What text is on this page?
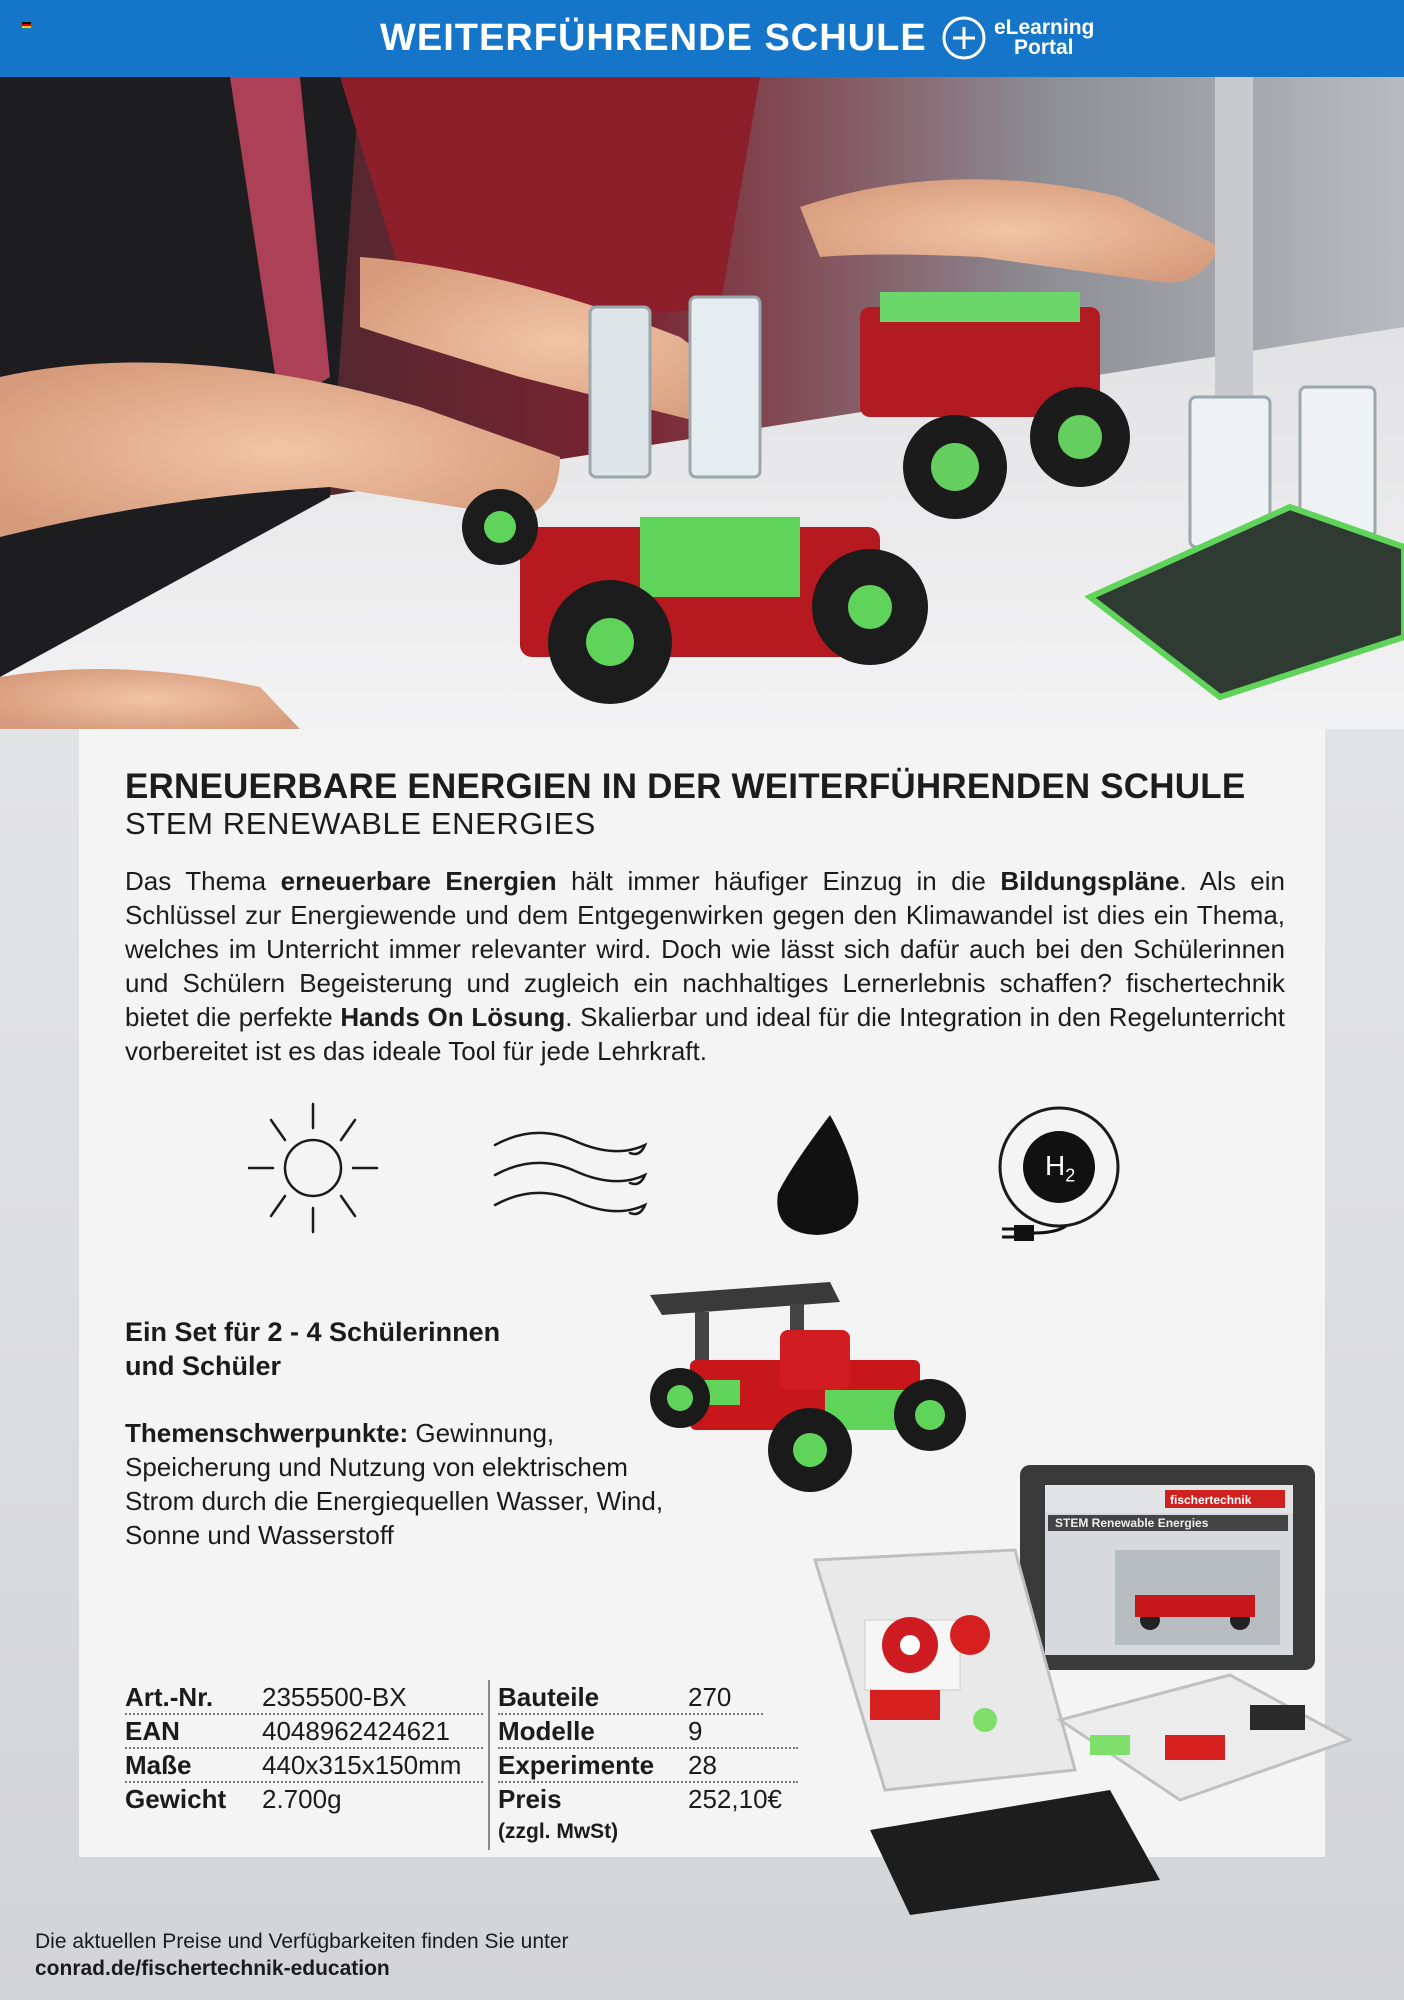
WEITERFÜHRENDE SCHULE	eLearning
Portal
ERNEUERBARE ENERGIEN IN DER WEITERFÜHRENDEN SCHULE
STEM RENEWABLE ENERGIES
Das Thema erneuerbare Energien hält immer häufiger Einzug in die Bildungspläne. Als ein Schlüssel zur Energiewende und dem Entgegenwirken gegen den Klimawandel ist dies ein Thema, welches im Unterricht immer relevanter wird. Doch wie lässt sich dafür auch bei den Schülerinnen und Schülern Begeisterung und zugleich ein nachhaltiges Lernerlebnis schaffen? fischertechnik bietet die perfekte Hands On Lösung. Skalierbar und ideal für die Integration in den Regelunterricht vorbereitet ist es das ideale Tool für jede Lehrkraft.
$H_2$
Ein Set für 2 - 4 Schülerinnen
und Schüler
Themenschwerpunkte: Gewinnung, Speicherung und Nutzung von elektrischem Strom durch die Energiequellen Wasser, Wind, Sonne und Wasserstoff
fischertechnik
STEM Renewable Energies
Art.-Nr.	2355500-BX
EAN	4048962424621
Maße	440x315x150mm
Gewicht	2.700g
Bauteile	270
Modelle	9
Experimente	28
Preis	252,10€
(zzgl. MwSt)
Die aktuellen Preise und Verfügbarkeiten finden Sie unter
conrad.de/fischertechnik-education
